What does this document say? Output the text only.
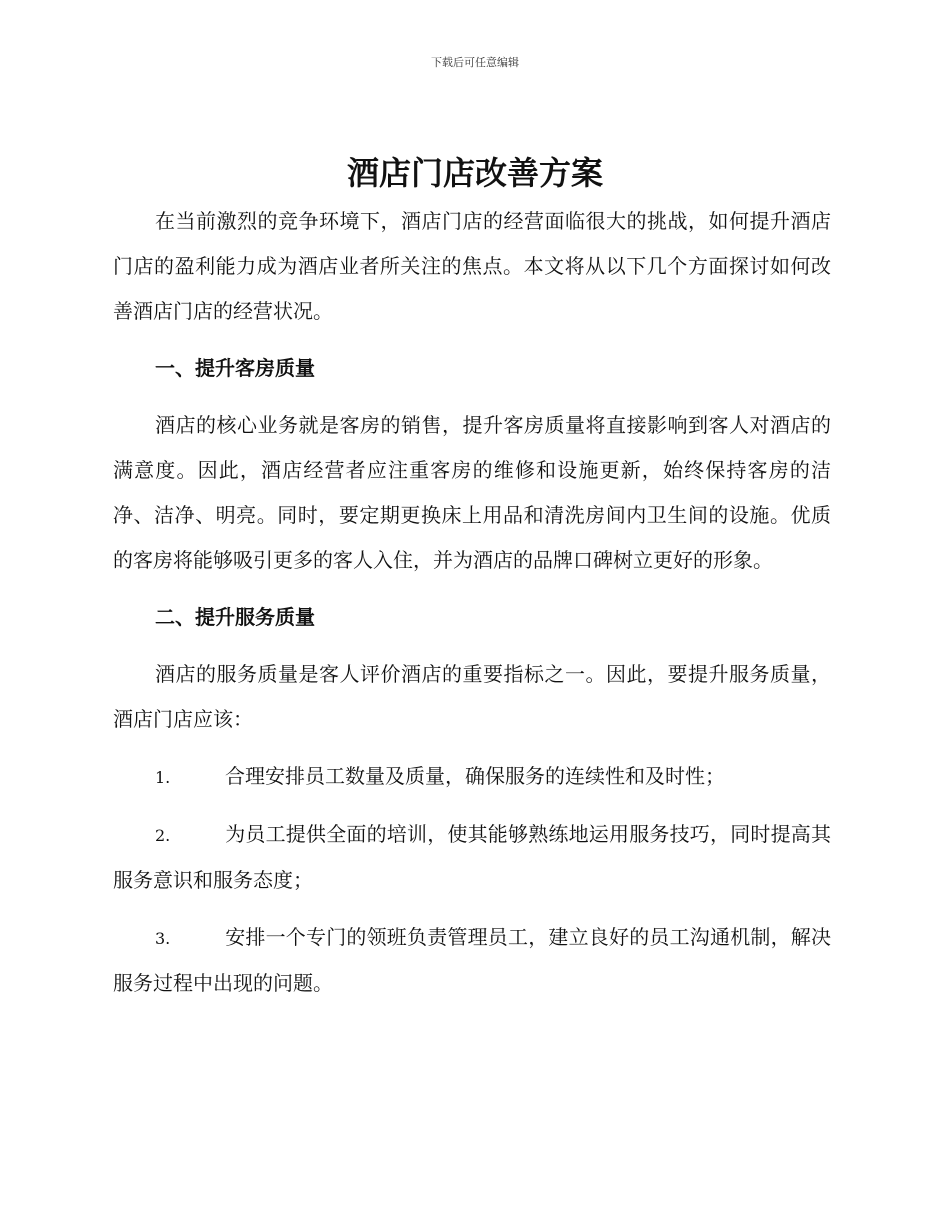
下载后可任意编辑
酒店门店改善方案

在当前激烈的竞争环境下，酒店门店的经营面临很大的挑战，如何提升酒店门店的盈利能力成为酒店业者所关注的焦点。本文将从以下几个方面探讨如何改善酒店门店的经营状况。

一、提升客房质量

酒店的核心业务就是客房的销售，提升客房质量将直接影响到客人对酒店的满意度。因此，酒店经营者应注重客房的维修和设施更新，始终保持客房的洁净、洁净、明亮。同时，要定期更换床上用品和清洗房间内卫生间的设施。优质的客房将能够吸引更多的客人入住，并为酒店的品牌口碑树立更好的形象。

二、提升服务质量

酒店的服务质量是客人评价酒店的重要指标之一。因此，要提升服务质量，酒店门店应该：

1.	合理安排员工数量及质量，确保服务的连续性和及时性；

2.	为员工提供全面的培训，使其能够熟练地运用服务技巧，同时提高其服务意识和服务态度；

3.	安排一个专门的领班负责管理员工，建立良好的员工沟通机制，解决服务过程中出现的问题。
